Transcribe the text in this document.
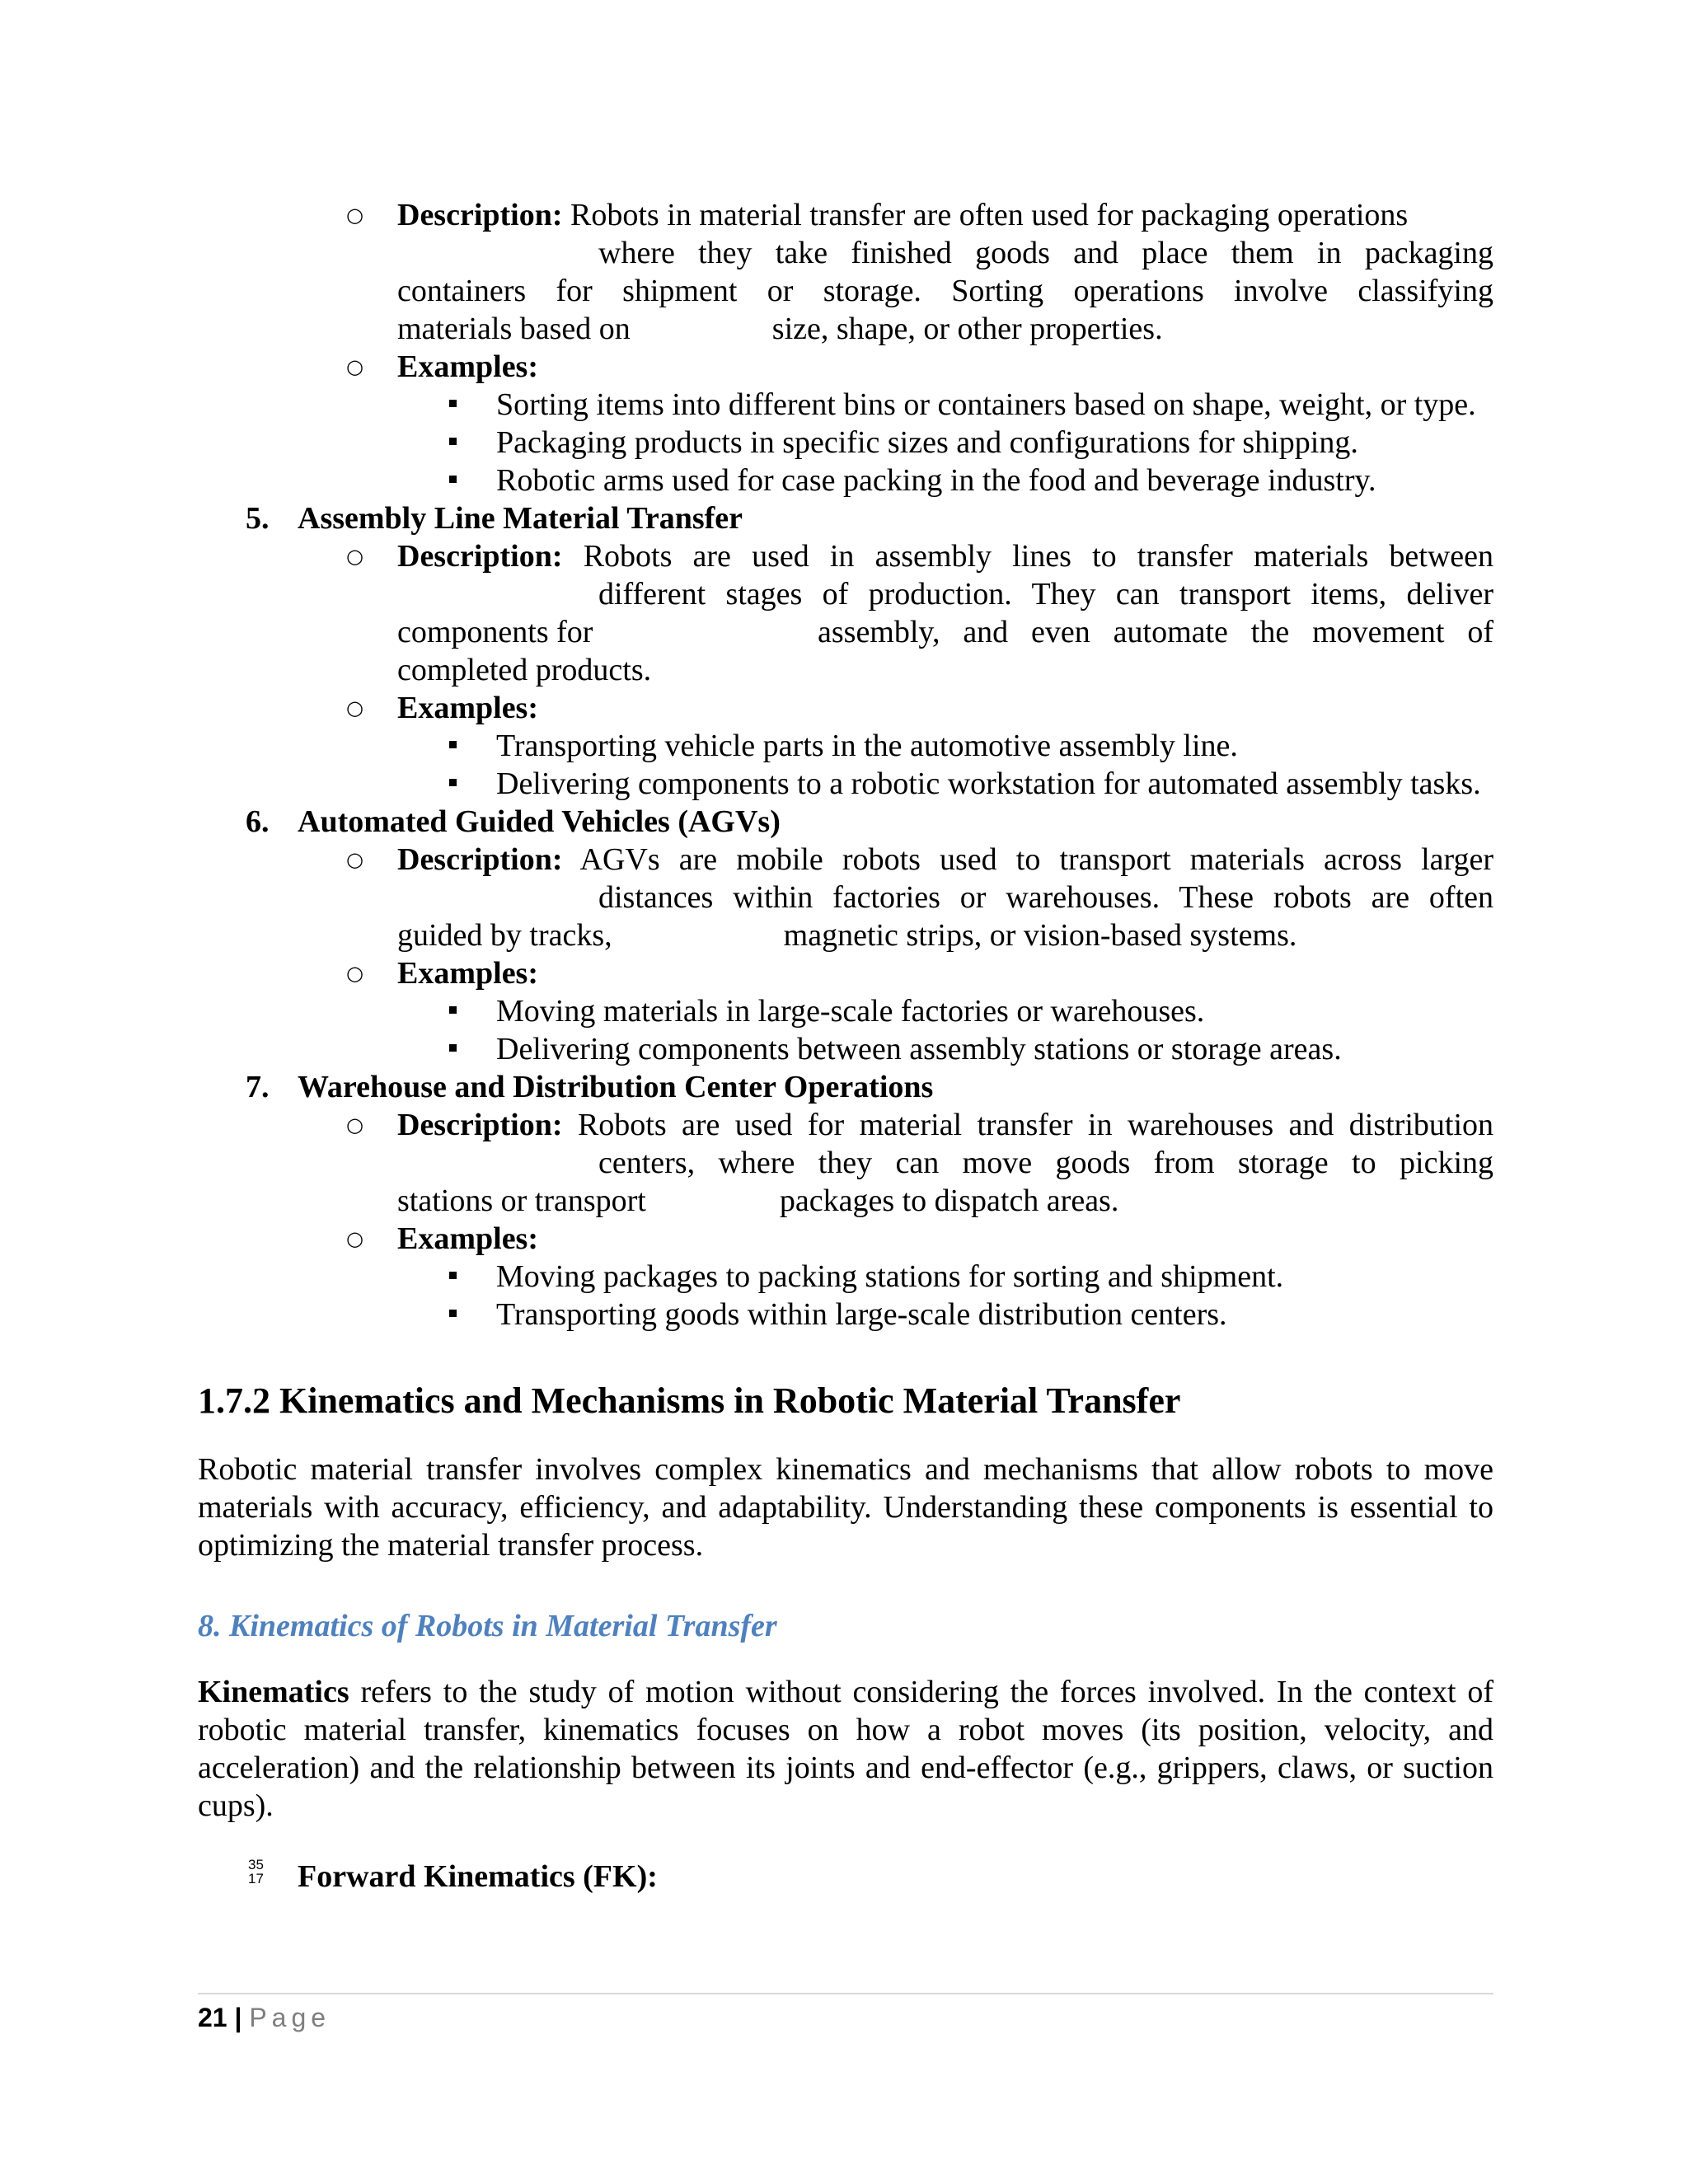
○ Description: Robots in material transfer are often used for packaging operations
where they take finished goods and place them in packaging
containers for shipment or storage. Sorting operations involve classifying
materials based on	size, shape, or other properties.
○ Examples:
Sorting items into different bins or containers based on shape, weight, or type.
Packaging products in specific sizes and configurations for shipping.
Robotic arms used for case packing in the food and beverage industry.
5. Assembly Line Material Transfer
○ Description: Robots are used in assembly lines to transfer materials between
different stages of production. They can transport items, deliver
components for	assembly, and even automate the movement of
completed products.
○ Examples:
Transporting vehicle parts in the automotive assembly line.
Delivering components to a robotic workstation for automated assembly tasks.
6. Automated Guided Vehicles (AGVs)
○ Description: AGVs are mobile robots used to transport materials across larger
distances within factories or warehouses. These robots are often
guided by tracks,	magnetic strips, or vision-based systems.
○ Examples:
Moving materials in large-scale factories or warehouses.
Delivering components between assembly stations or storage areas.
7. Warehouse and Distribution Center Operations
○ Description: Robots are used for material transfer in warehouses and distribution
centers, where they can move goods from storage to picking
stations or transport	packages to dispatch areas.
○ Examples:
Moving packages to packing stations for sorting and shipment.
Transporting goods within large-scale distribution centers.
1.7.2 Kinematics and Mechanisms in Robotic Material Transfer
Robotic material transfer involves complex kinematics and mechanisms that allow robots to move materials with accuracy, efficiency, and adaptability. Understanding these components is essential to optimizing the material transfer process.
8. Kinematics of Robots in Material Transfer
Kinematics refers to the study of motion without considering the forces involved. In the context of robotic material transfer, kinematics focuses on how a robot moves (its position, velocity, and acceleration) and the relationship between its joints and end-effector (e.g., grippers, claws, or suction cups).
35
17 Forward Kinematics (FK):
21 | Page
